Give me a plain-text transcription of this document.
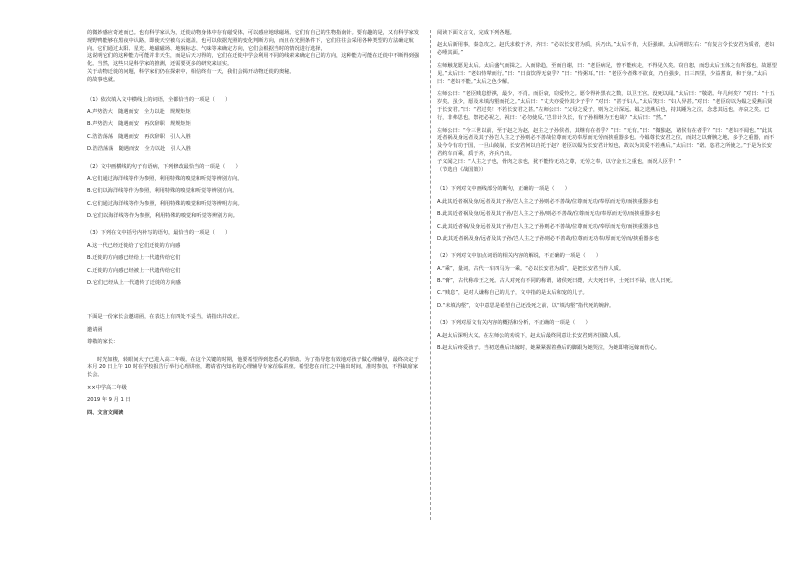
的微妙感应奇迹而已。也有科学家认为，迁徙动物身体中存有磁受体，可以感应地球磁场。它们有自己的生物指南针。要有趣的是，又有科学家发现野鸭能够在黑夜中认路，即使天空被乌云遮盖，也可以依据光照的变化判断方向，而且在光照条件下，它们往往会采用各种类型的方法确定航向。它们通过太阳、星光、地磁磁场、地貌标志、气味等来确定方向，它们会根据当时的情况进行选择，

这说明它们的这种能力可能并非天生，而是后天习得的，它们在迁徙中学会利用不同的线索来确定自己的方向，这种能力可能在迁徙中不断得到强化。当然，这些只是科学家的推测，还需要更多的研究来证实。

关于动物迁徙的问题，科学家们仍在探索中，相信终有一天，我们会揭开动物迁徙的奥秘。

的故事也就。

（1）依次填入文中横线上的词语，全都恰当的一项是（　　）

A.声势浩大　随遇而安　全力以赴　规规矩矩

B.声势浩大　随遇而安　再次辞职　规规矩矩

C.浩浩荡荡　随遇而安　再次辞职　引人入胜

D.浩浩荡荡　随遇而安　全力以赴　引人入胜

（2）文中画横线的句子有语病，下列修改最恰当的一项是（　　）

A.它们通过海洋线等作为参照，利用特殊的嗅觉和听觉等辨别方向。

B.它们以海洋线等作为参照，利用特殊的嗅觉和听觉等辨别方向。

C.它们通过海洋线等作为参照，利用特殊的嗅觉和听觉等辨明方向。

D.它们以海洋线等作为参照，利用特殊的嗅觉和听觉等辨别方向。

（3）下列在文中括号内补写的语句，最恰当的一项是（　　）

A.这一代已经迁徙给了它们迁徙的方向感

B.迁徙的方向感已经给上一代遗传给它们

C.迁徙的方向感已经被上一代遗传给它们

D.它们已经从上一代遗传了迁徙的方向感

下面是一份家长会邀请函，在表达上有四处不妥当，请指出并改正。

邀请函

尊敬的家长：

时光如梭，转眼间大子已进入高二年级。在这个关键的时期，他要希望得到您悉心的帮助。为了指导您有效地对孩子做心理辅导，最终决定于本月 20 日上午 10 时在学校报告厅举行心理讲座，聘请省内知名的心理辅导专家莅临讲座。希望您在百忙之中抽出时间，准时参加，不得缺席家长会。

××中学高二年级

2019 年 9 月 1 日

四、文言文阅读

阅读下面文言文，完成下列各题。

赵太后新用事，秦急攻之。赵氏求救于齐，齐曰：“必以长安君为质，兵乃出。”太后不肯，大臣强谏。太后明谓左右：“有复言令长安君为质者，老妇必唾其面。”

左师触龙愿见太后。太后盛气而揖之。入而徐趋，至而自谢，曰：“老臣病足，曾不能疾走，不得见久矣。窃自恕，而恐太后玉体之有所郄也，故愿望见。”太后曰：“老妇恃辇而行。”曰：“日食饮得无衰乎？”曰：“恃粥耳。”曰：“老臣今者殊不欲食，乃自强步，日三四里，少益耆食，和于身。”太后曰：“老妇不能。”太后之色少解。

左师公曰：“老臣贱息舒祺，最少，不肖。而臣衰，窃爱怜之。愿令得补黑衣之数，以卫王宫。没死以闻。”太后曰：“敬诺。年几何矣？”对曰：“十五岁矣。虽少，愿及未填沟壑而托之。”太后曰：“丈夫亦爱怜其少子乎？”对曰：“甚于妇人。”太后笑曰：“妇人异甚。”对曰：“老臣窃以为媪之爱燕后贤于长安君。”曰：“君过矣！不若长安君之甚。”左师公曰：“父母之爱子，则为之计深远。媪之送燕后也，持其踵为之泣，念悲其远也，亦哀之矣。已行，非弗思也，祭祀必祝之，祝曰：‘必勿使反。’岂非计久长，有子孙相继为王也哉？”太后曰：“然。”

左师公曰：“今三世以前，至于赵之为赵，赵主之子孙侯者，其继有在者乎？”曰：“无有。”曰：“微独赵，诸侯有在者乎？”曰：“老妇不闻也。”“此其近者祸及身远者及其子孙岂人主之子孙则必不善哉位尊而无功奉厚而无劳而挟重器多也。今媪尊长安君之位，而封之以膏腴之地，多予之重器，而不及今令有功于国，一旦山陵崩，长安君何以自托于赵？老臣以媪为长安君计短也，故以为其爱不若燕后。”太后曰：“诺。恣君之所使之。”于是为长安君约车百乘，质于齐，齐兵乃出。

子义闻之曰：“人主之子也，骨肉之亲也，犹不能恃无功之尊，无劳之奉，以守金玉之重也，而况人臣乎！”

（节选自《战国策》）

（1）下列对文中画线部分的断句，正确的一项是（　　）

A.此其近者祸及身/远者及其子孙/岂人主之子孙则必不善哉/位尊而无功/奉厚而无劳/而挟重器多也

B.此其近者祸及身/远者及其子孙/岂人主之子孙/则必不善哉/位尊而无功/奉厚而无劳/而挟重器多也

C.此其近者祸/及身远者及其子孙/岂人主之子孙则必不善哉/位尊而无功/奉厚而无劳/而挟重器多也

D.此其近者祸及身/远者及其子孙/岂人主之子孙则必不善哉/位尊而无功奉/厚而无劳而/挟重器多也

（2）下列对文中加点词语的相关内容的解说，不正确的一项是（　　）

A.“乘”，量词，古代一车四马为一乘。“必以长安君为质”，是把长安君当作人质。

B.“膏”，古代称帝王之死。古人对死有不同的称谓，诸侯死曰薨，大夫死曰卒，士死曰不禄，庶人曰死。

C.“贱息”，是对人谦称自己的儿子，文中指的是太后和宠的儿子。

D.“未填沟壑”，文中意思是希望自己还没死之前，以“填沟壑”指代死的婉辞。

（3）下列对原文有关内容的概括和分析，不正确的一项是（　　）

A.赵太后深明大义。在左师公的劝说下，赵太后最终同意让长安君到齐国做人质。

B.赵太后疼爱孩子。当初送燕后出嫁时，她紧紧握着燕后的脚跟为她哭泣，为她即将远嫁而伤心。
